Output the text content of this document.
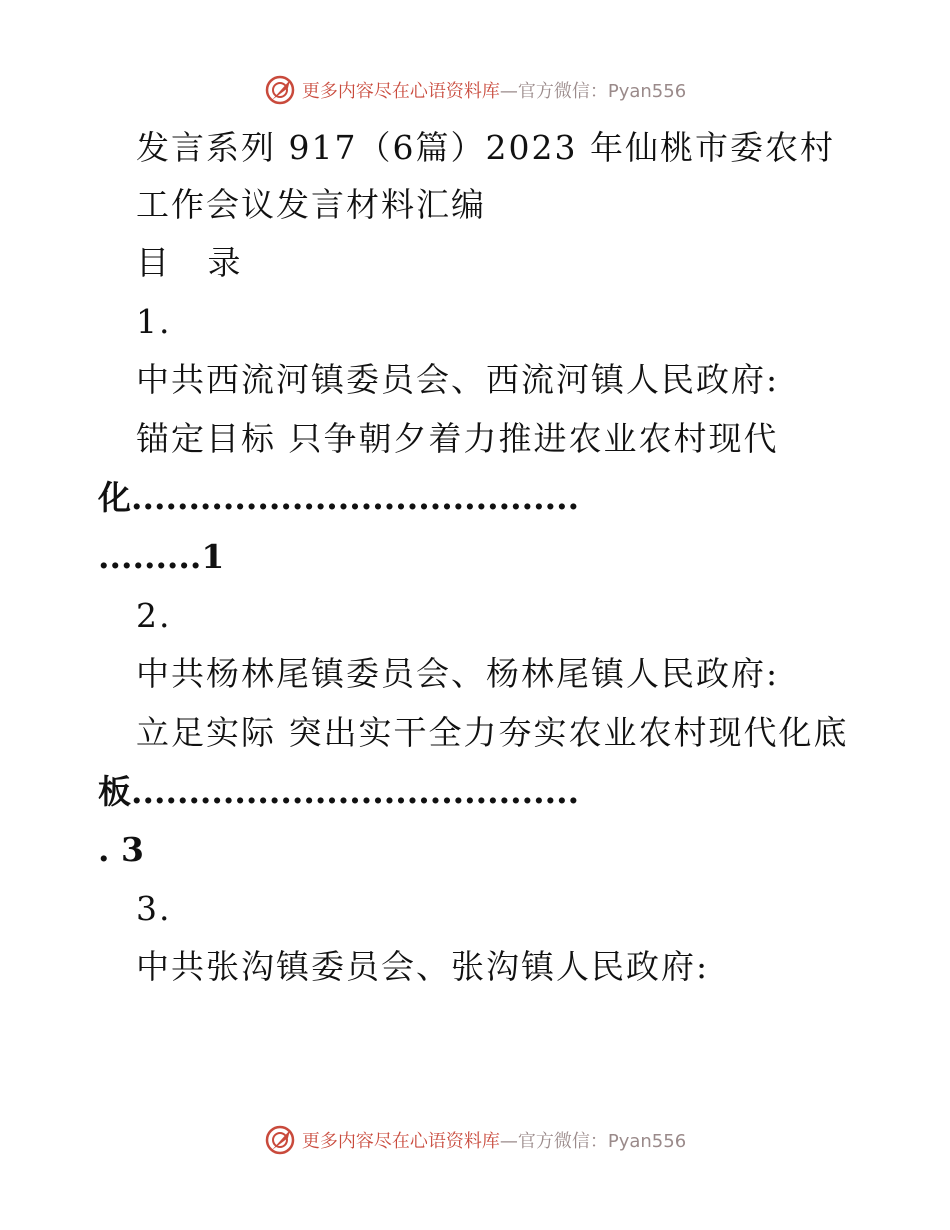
更多内容尽在心语资料库—官方微信：Pyan556
发言系列 917（6篇）2023 年仙桃市委农村
工作会议发言材料汇编
目 录
1.
中共西流河镇委员会、西流河镇人民政府:
锚定目标 只争朝夕着力推进农业农村现代
化.......................................
.........1
2.
中共杨林尾镇委员会、杨林尾镇人民政府:
立足实际 突出实干全力夯实农业农村现代化底
板.......................................
. 3
3.
中共张沟镇委员会、张沟镇人民政府:
更多内容尽在心语资料库—官方微信：Pyan556
